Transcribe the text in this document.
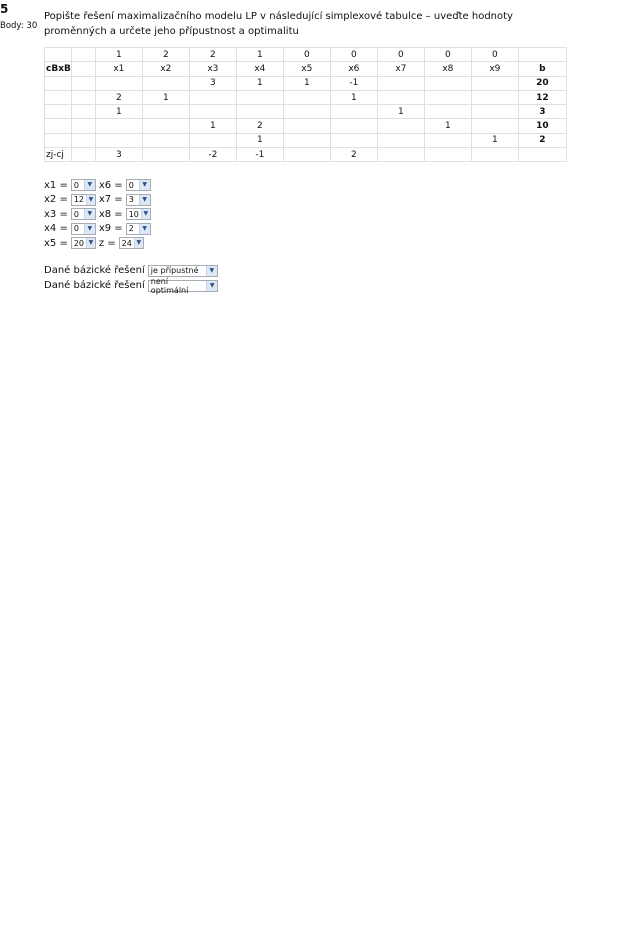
5
Body: 30
Popište řešení maximalizačního modelu LP v následující simplexové tabulce – uveďte hodnoty proměnných a určete jeho přípustnost a optimalitu
		1	2	2	1	0	0	0	0	0	
cBxB		x1	x2	x3	x4	x5	x6	x7	x8	x9	b
				3	1	1	-1				20
		2	1				1				12
		1						1			3
				1	2				1		10
					1					1	2
zj-cj		3		-2	-1		2				
x1 = 0	▼ x6 = 0	▼
x2 = 12 ▼ x7 = 3	▼
x3 = 0	▼ x8 = 10 ▼
x4 = 0	▼ x9 = 2	▼
x5 = 20 ▼ z = 24 ▼
Dané bázické řešení je přípustné	▼
Dané bázické řešení není optimální
▼
